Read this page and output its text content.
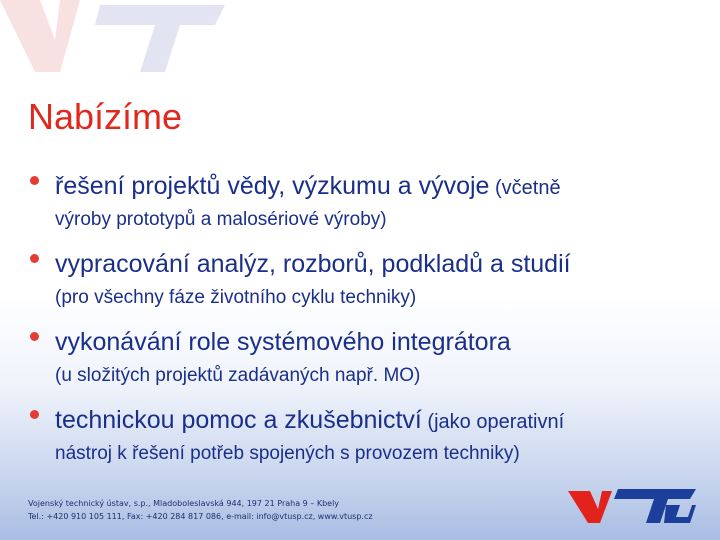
Nabízíme
řešení projektů vědy, výzkumu a vývoje (včetně
výroby prototypů a malosériové výroby)
vypracování analýz, rozborů, podkladů a studií
(pro všechny fáze životního cyklu techniky)
vykonávání role systémového integrátora
(u složitých projektů zadávaných např. MO)
technickou pomoc a zkušebnictví (jako operativní
nástroj k řešení potřeb spojených s provozem techniky)
Vojenský technický ústav, s.p., Mladoboleslavská 944, 197 21 Praha 9 – Kbely
Tel.: +420 910 105 111, Fax: +420 284 817 086, e-mail: info@vtusp.cz, www.vtusp.cz
